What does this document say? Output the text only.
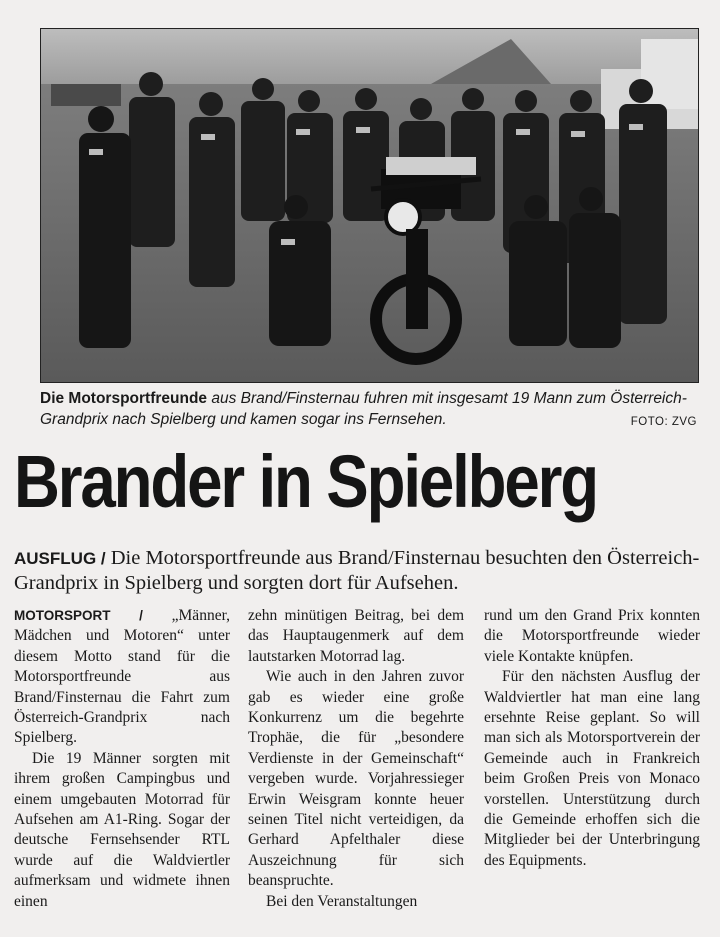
Die Motorsportfreunde aus Brand/Finsternau fuhren mit insgesamt 19 Mann zum Österreich-Grandprix nach Spielberg und kamen sogar ins Fernsehen.	FOTO: ZVG
Brander in Spielberg
AUSFLUG / Die Motorsportfreunde aus Brand/Finsternau besuchten den Österreich-Grandprix in Spielberg und sorgten dort für Aufsehen.

MOTORSPORT / „Männer, Mädchen und Motoren“ unter diesem Motto stand für die Motorsportfreunde aus Brand/Finsternau die Fahrt zum Österreich-Grandprix nach Spielberg.

Die 19 Männer sorgten mit ihrem großen Campingbus und einem umgebauten Motorrad für Aufsehen am A1-Ring. Sogar der deutsche Fernsehsender RTL wurde auf die Waldviertler aufmerksam und widmete ihnen einen

zehn minütigen Beitrag, bei dem das Hauptaugenmerk auf dem lautstarken Motorrad lag.

Wie auch in den Jahren zuvor gab es wieder eine große Konkurrenz um die begehrte Trophäe, die für „besondere Verdienste in der Gemeinschaft“ vergeben wurde. Vorjahressieger Erwin Weisgram konnte heuer seinen Titel nicht verteidigen, da Gerhard Apfelthaler diese Auszeichnung für sich beanspruchte.

Bei den Veranstaltungen

rund um den Grand Prix konnten die Motorsportfreunde wieder viele Kontakte knüpfen.

Für den nächsten Ausflug der Waldviertler hat man eine lang ersehnte Reise geplant. So will man sich als Motorsportverein der Gemeinde auch in Frankreich beim Großen Preis von Monaco vorstellen. Unterstützung durch die Gemeinde erhoffen sich die Mitglieder bei der Unterbringung des Equipments.
